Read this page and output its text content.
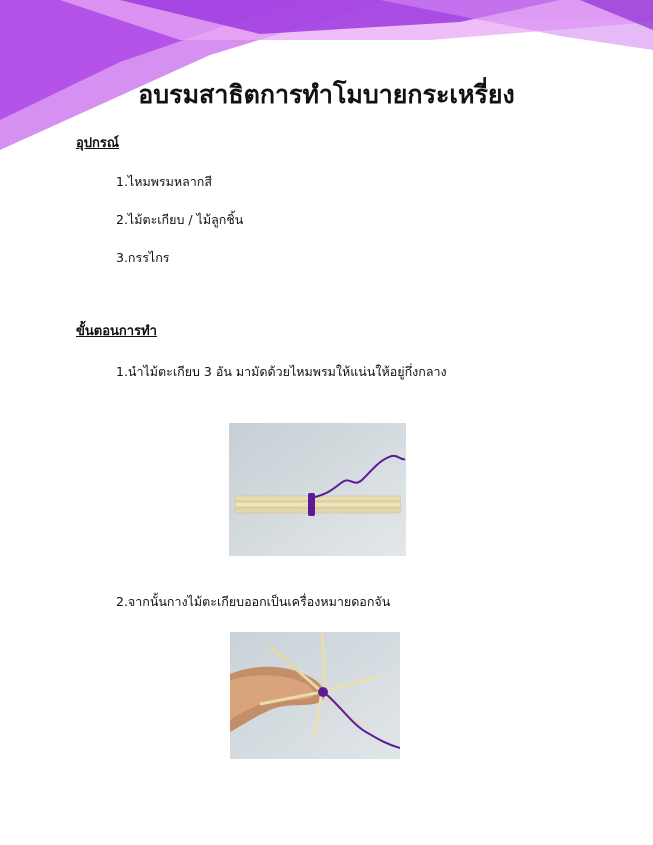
อบรมสาธิตการทำโมบายกระเหรี่ยง
อุปกรณ์
1.ไหมพรมหลากสี
2.ไม้ตะเกียบ / ไม้ลูกชิ้น
3.กรรไกร
ขั้นตอนการทำ
1.นำไม้ตะเกียบ 3 อัน มามัดด้วยไหมพรมให้แน่นให้อยู่กึ่งกลาง
2.จากนั้นกางไม้ตะเกียบออกเป็นเครื่องหมายดอกจัน
